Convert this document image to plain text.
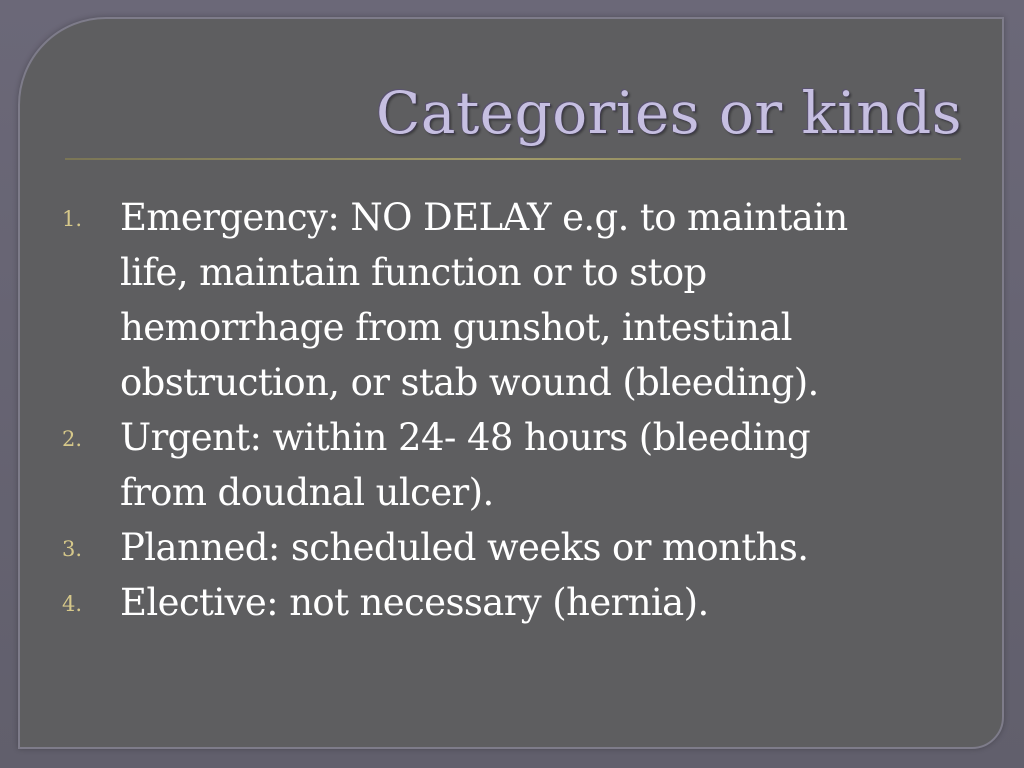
Categories or kinds
1. Emergency: NO DELAY e.g. to maintain
life, maintain function or to stop
hemorrhage from gunshot, intestinal
obstruction, or stab wound (bleeding).
2. Urgent: within 24- 48 hours (bleeding
from doudnal ulcer).
3. Planned: scheduled weeks or months.
4. Elective: not necessary (hernia).
